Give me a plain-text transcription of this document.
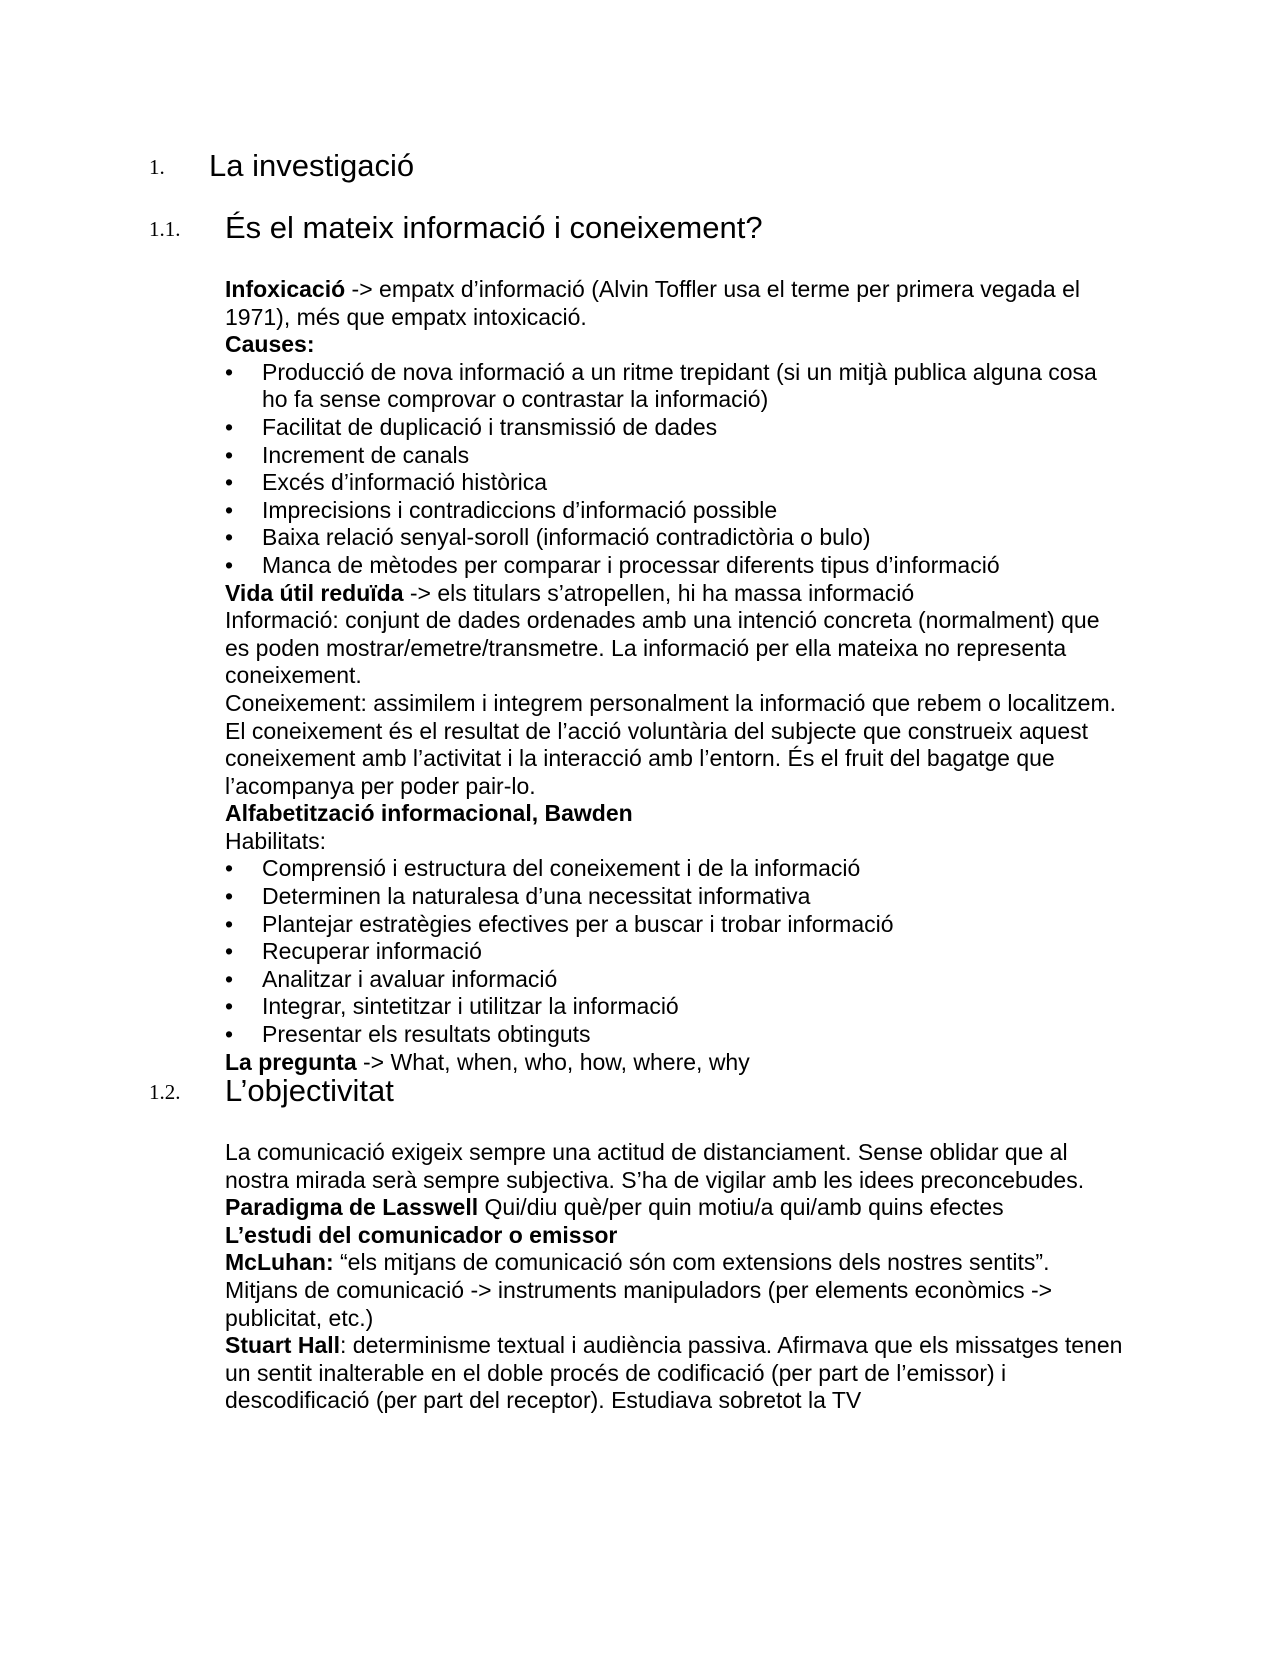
1. La investigació
1.1. És el mateix informació i coneixement?

Infoxicació -> empatx d’informació (Alvin Toffler usa el terme per primera vegada el 1971), més que empatx intoxicació.

Causes:

• Producció de nova informació a un ritme trepidant (si un mitjà publica alguna cosa ho fa sense comprovar o contrastar la informació)
• Facilitat de duplicació i transmissió de dades
• Increment de canals
• Excés d’informació històrica
• Imprecisions i contradiccions d’informació possible
• Baixa relació senyal-soroll (informació contradictòria o bulo)
• Manca de mètodes per comparar i processar diferents tipus d’informació

Vida útil reduïda -> els titulars s’atropellen, hi ha massa informació

Informació: conjunt de dades ordenades amb una intenció concreta (normalment) que es poden mostrar/emetre/transmetre. La informació per ella mateixa no representa coneixement.

Coneixement: assimilem i integrem personalment la informació que rebem o localitzem. El coneixement és el resultat de l’acció voluntària del subjecte que construeix aquest coneixement amb l’activitat i la interacció amb l’entorn. És el fruit del bagatge que l’acompanya per poder pair-lo.

Alfabetització informacional, Bawden

Habilitats:

• Comprensió i estructura del coneixement i de la informació
• Determinen la naturalesa d’una necessitat informativa
• Plantejar estratègies efectives per a buscar i trobar informació
• Recuperar informació
• Analitzar i avaluar informació
• Integrar, sintetitzar i utilitzar la informació
• Presentar els resultats obtinguts

La pregunta -> What, when, who, how, where, why

1.2. L’objectivitat

La comunicació exigeix sempre una actitud de distanciament. Sense oblidar que al nostra mirada serà sempre subjectiva. S’ha de vigilar amb les idees preconcebudes.

Paradigma de Lasswell Qui/diu què/per quin motiu/a qui/amb quins efectes

L’estudi del comunicador o emissor

McLuhan: “els mitjans de comunicació són com extensions dels nostres sentits”. Mitjans de comunicació -> instruments manipuladors (per elements econòmics -> publicitat, etc.)

Stuart Hall: determinisme textual i audiència passiva. Afirmava que els missatges tenen un sentit inalterable en el doble procés de codificació (per part de l’emissor) i descodificació (per part del receptor). Estudiava sobretot la TV
